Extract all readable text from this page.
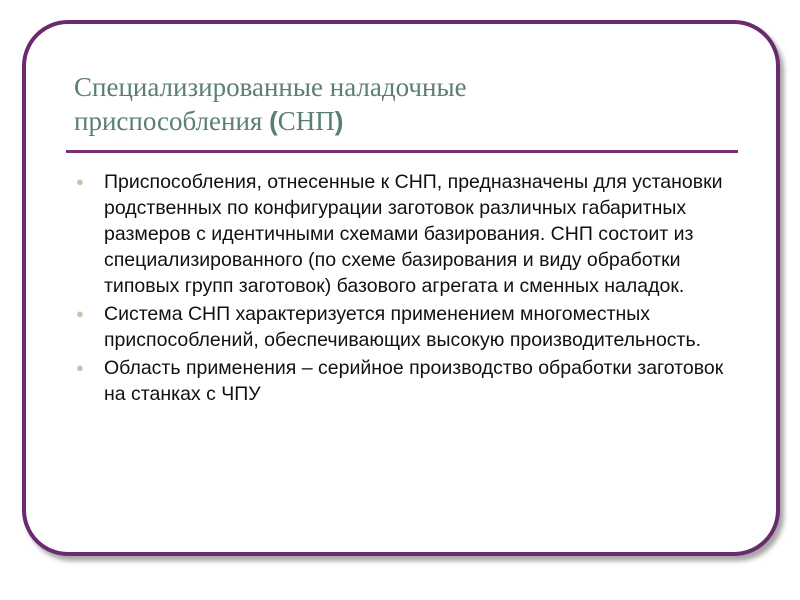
Специализированные наладочные
приспособления (СНП)
●	Приспособления, отнесенные к СНП, предназначены для установки родственных по конфигурации заготовок различных габаритных размеров с идентичными схемами базирования. СНП состоит из специализированного (по схеме базирования и виду обработки типовых групп заготовок) базового агрегата и сменных наладок.
●	Система СНП характеризуется применением многоместных приспособлений, обеспечивающих высокую производительность.
●	Область применения – серийное производство обработки заготовок на станках с ЧПУ
